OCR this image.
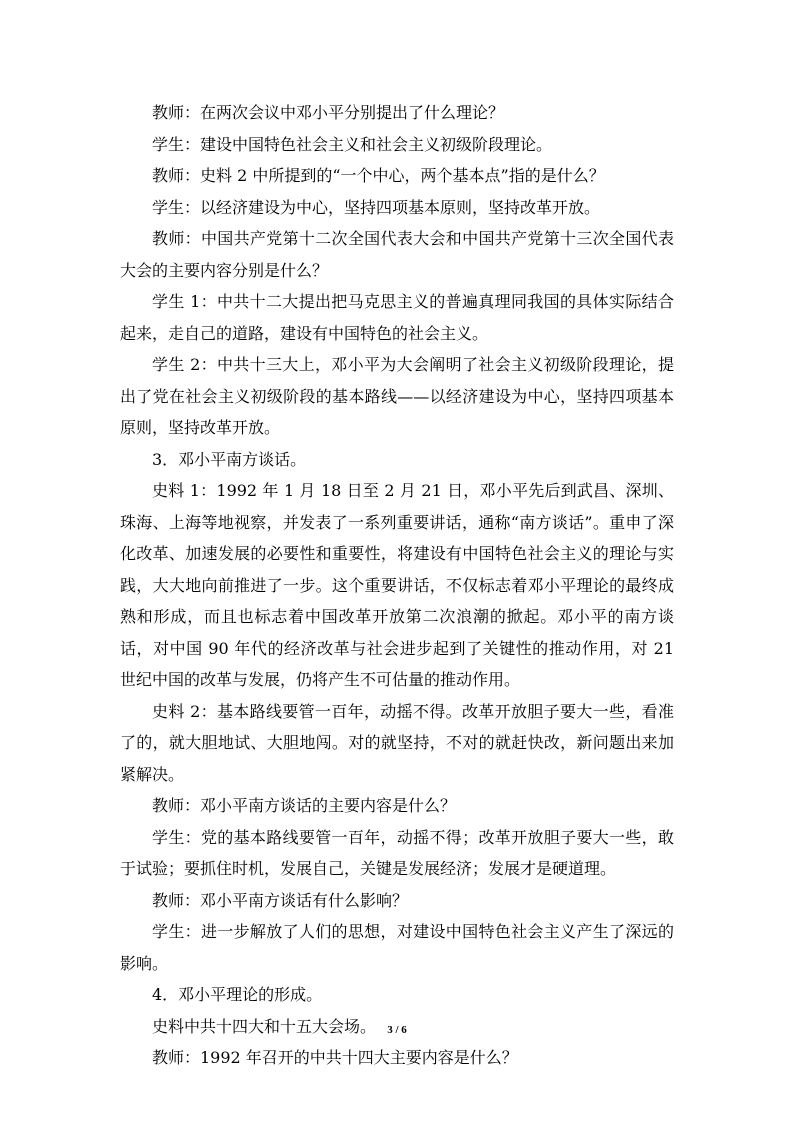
教师：在两次会议中邓小平分别提出了什么理论？

学生：建设中国特色社会主义和社会主义初级阶段理论。

教师：史料 2 中所提到的“一个中心，两个基本点”指的是什么？

学生：以经济建设为中心，坚持四项基本原则，坚持改革开放。

教师：中国共产党第十二次全国代表大会和中国共产党第十三次全国代表大会的主要内容分别是什么？

学生 1：中共十二大提出把马克思主义的普遍真理同我国的具体实际结合起来，走自己的道路，建设有中国特色的社会主义。

学生 2：中共十三大上，邓小平为大会阐明了社会主义初级阶段理论，提出了党在社会主义初级阶段的基本路线——以经济建设为中心，坚持四项基本原则，坚持改革开放。

3．邓小平南方谈话。

史料 1：1992 年 1 月 18 日至 2 月 21 日，邓小平先后到武昌、深圳、珠海、上海等地视察，并发表了一系列重要讲话，通称“南方谈话”。重申了深化改革、加速发展的必要性和重要性，将建设有中国特色社会主义的理论与实践，大大地向前推进了一步。这个重要讲话，不仅标志着邓小平理论的最终成熟和形成，而且也标志着中国改革开放第二次浪潮的掀起。邓小平的南方谈话，对中国 90 年代的经济改革与社会进步起到了关键性的推动作用，对 21 世纪中国的改革与发展，仍将产生不可估量的推动作用。

史料 2：基本路线要管一百年，动摇不得。改革开放胆子要大一些，看准了的，就大胆地试、大胆地闯。对的就坚持，不对的就赶快改，新问题出来加紧解决。

教师：邓小平南方谈话的主要内容是什么？

学生：党的基本路线要管一百年，动摇不得；改革开放胆子要大一些，敢于试验；要抓住时机，发展自己，关键是发展经济；发展才是硬道理。

教师：邓小平南方谈话有什么影响？

学生：进一步解放了人们的思想，对建设中国特色社会主义产生了深远的影响。

4．邓小平理论的形成。

史料中共十四大和十五大会场。

教师：1992 年召开的中共十四大主要内容是什么？

3 / 6
